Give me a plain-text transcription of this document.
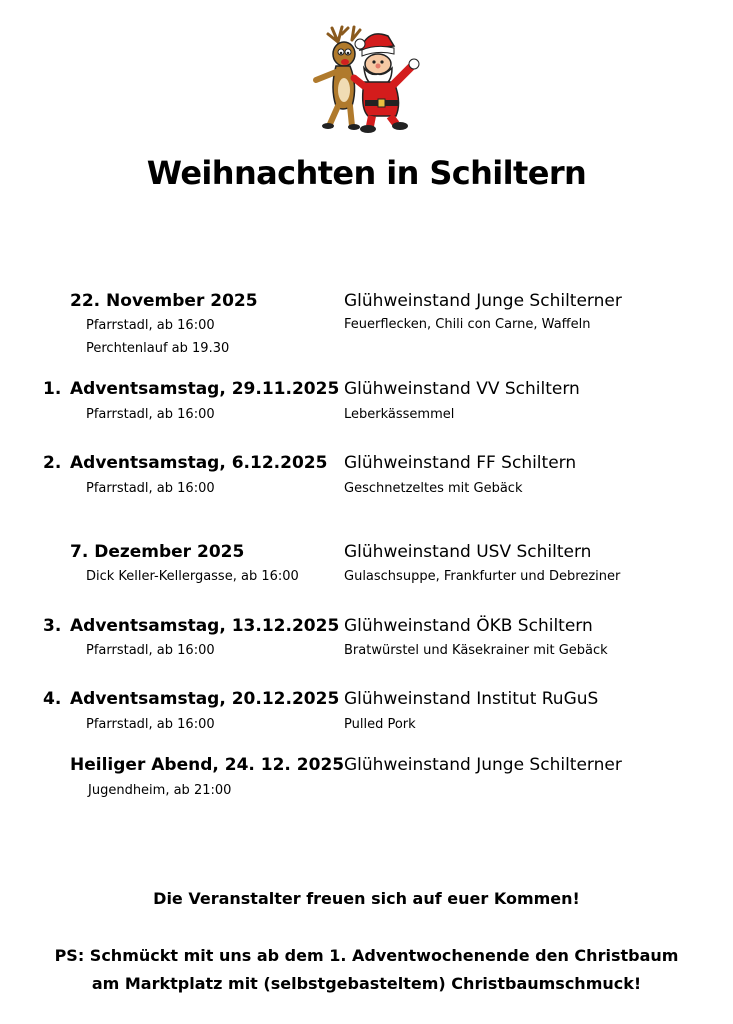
Weihnachten in Schiltern
22. November 2025
Pfarrstadl, ab 16:00
Perchtenlauf ab 19.30
Glühweinstand Junge Schilterner
Feuerflecken, Chili con Carne, Waffeln
1. Adventsamstag, 29.11.2025
Pfarrstadl, ab 16:00
Glühweinstand VV Schiltern
Leberkässemmel
2. Adventsamstag, 6.12.2025
Pfarrstadl, ab 16:00
Glühweinstand FF Schiltern
Geschnetzeltes mit Gebäck
7. Dezember 2025
Dick Keller-Kellergasse, ab 16:00
Glühweinstand USV Schiltern
Gulaschsuppe, Frankfurter und Debreziner
3. Adventsamstag, 13.12.2025
Pfarrstadl, ab 16:00
Glühweinstand ÖKB Schiltern
Bratwürstel und Käsekrainer mit Gebäck
4. Adventsamstag, 20.12.2025
Pfarrstadl, ab 16:00
Glühweinstand Institut RuGuS
Pulled Pork
Heiliger Abend, 24. 12. 2025
Jugendheim, ab 21:00
Glühweinstand Junge Schilterner
Die Veranstalter freuen sich auf euer Kommen!
PS: Schmückt mit uns ab dem 1. Adventwochenende den Christbaum
am Marktplatz mit (selbstgebasteltem) Christbaumschmuck!
